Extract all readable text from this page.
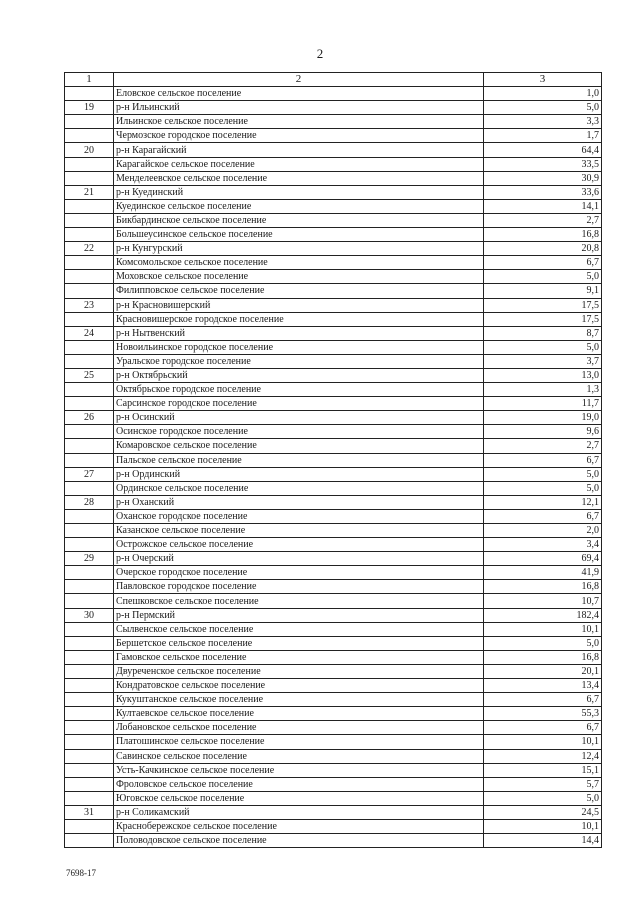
2
1	2	3
	Еловское сельское поселение	1,0
19	р-н Ильинский	5,0
	Ильинское сельское поселение	3,3
	Чермозское городское поселение	1,7
20	р-н Карагайский	64,4
	Карагайское сельское поселение	33,5
	Менделеевское сельское поселение	30,9
21	р-н Куединский	33,6
	Куединское сельское поселение	14,1
	Бикбардинское сельское поселение	2,7
	Большеусинское сельское поселение	16,8
22	р-н Кунгурский	20,8
	Комсомольское сельское поселение	6,7
	Моховское сельское поселение	5,0
	Филипповское сельское поселение	9,1
23	р-н Красновишерский	17,5
	Красновишерское городское поселение	17,5
24	р-н Нытвенский	8,7
	Новоильинское городское поселение	5,0
	Уральское городское поселение	3,7
25	р-н Октябрьский	13,0
	Октябрьское городское поселение	1,3
	Сарсинское городское поселение	11,7
26	р-н Осинский	19,0
	Осинское городское поселение	9,6
	Комаровское сельское поселение	2,7
	Пальское сельское поселение	6,7
27	р-н Ординский	5,0
	Ординское сельское поселение	5,0
28	р-н Оханский	12,1
	Оханское городское поселение	6,7
	Казанское сельское поселение	2,0
	Острожское сельское поселение	3,4
29	р-н Очерский	69,4
	Очерское городское поселение	41,9
	Павловское городское поселение	16,8
	Спешковское сельское поселение	10,7
30	р-н Пермский	182,4
	Сылвенское сельское поселение	10,1
	Бершетское сельское поселение	5,0
	Гамовское сельское поселение	16,8
	Двуреченское сельское поселение	20,1
	Кондратовское сельское поселение	13,4
	Кукуштанское сельское поселение	6,7
	Култаевское сельское поселение	55,3
	Лобановское сельское поселение	6,7
	Платошинское сельское поселение	10,1
	Савинское сельское поселение	12,4
	Усть-Качкинское сельское поселение	15,1
	Фроловское сельское поселение	5,7
	Юговское сельское поселение	5,0
31	р-н Соликамский	24,5
	Краснобережское сельское поселение	10,1
	Половодовское сельское поселение	14,4
7698-17
